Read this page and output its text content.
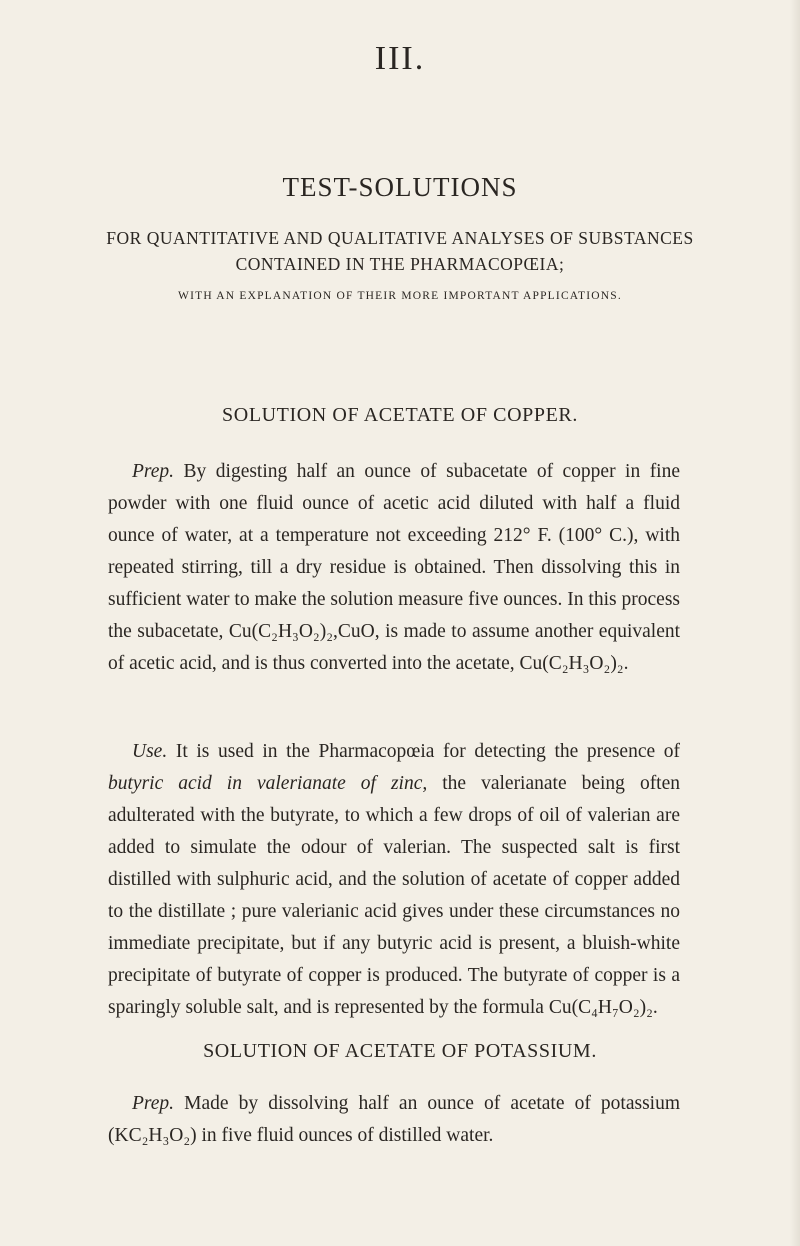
III.
TEST-SOLUTIONS
FOR QUANTITATIVE AND QUALITATIVE ANALYSES OF SUBSTANCES CONTAINED IN THE PHARMACOPŒIA;
WITH AN EXPLANATION OF THEIR MORE IMPORTANT APPLICATIONS.
SOLUTION OF ACETATE OF COPPER.
Prep. By digesting half an ounce of subacetate of copper in fine powder with one fluid ounce of acetic acid diluted with half a fluid ounce of water, at a temperature not exceeding 212° F. (100° C.), with repeated stirring, till a dry residue is obtained. Then dissolving this in sufficient water to make the solution measure five ounces. In this process the subacetate, Cu(C₂H₃O₂)₂,CuO, is made to assume another equivalent of acetic acid, and is thus converted into the acetate, Cu(C₂H₃O₂)₂.
Use. It is used in the Pharmacopœia for detecting the presence of butyric acid in valerianate of zinc, the valerianate being often adulterated with the butyrate, to which a few drops of oil of valerian are added to simulate the odour of valerian. The suspected salt is first distilled with sulphuric acid, and the solution of acetate of copper added to the distillate ; pure valerianic acid gives under these circumstances no immediate precipitate, but if any butyric acid is present, a bluish-white precipitate of butyrate of copper is produced. The butyrate of copper is a sparingly soluble salt, and is represented by the formula Cu(C₄H₇O₂)₂.
SOLUTION OF ACETATE OF POTASSIUM.
Prep. Made by dissolving half an ounce of acetate of potassium (KC₂H₃O₂) in five fluid ounces of distilled water.
